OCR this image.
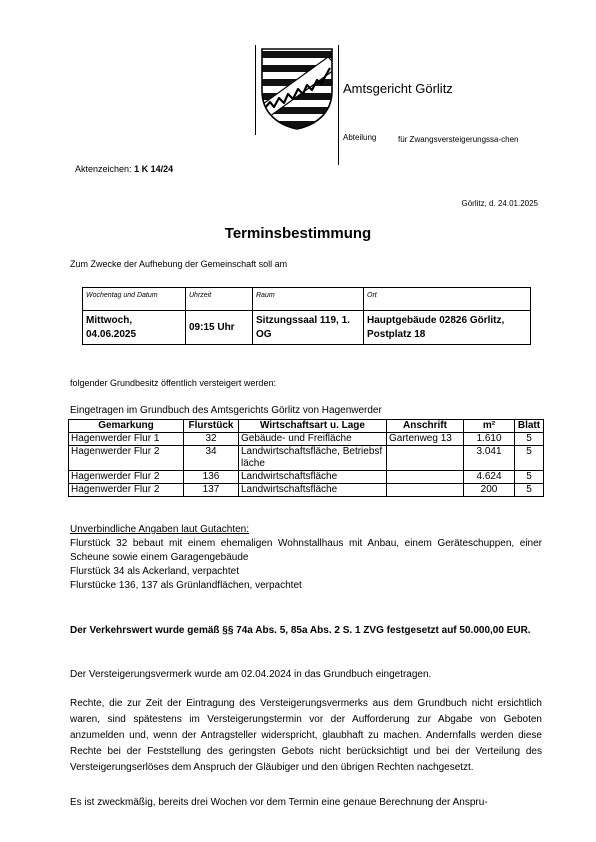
Amtsgericht Görlitz
Abteilung	für Zwangsversteigerungssa-chen
Aktenzeichen: 1 K 14/24
Görlitz, d. 24.01.2025
Terminsbestimmung
Zum Zwecke der Aufhebung der Gemeinschaft soll am
Wochentag und Datum	Uhrzeit	Raum	Ort
Mittwoch, 04.06.2025	09:15 Uhr	Sitzungssaal 119, 1. OG	Hauptgebäude 02826 Görlitz, Postplatz 18
folgender Grundbesitz öffentlich versteigert werden:
Eingetragen im Grundbuch des Amtsgerichts Görlitz von Hagenwerder
Gemarkung	Flurstück	Wirtschaftsart u. Lage	Anschrift	m²	Blatt
Hagenwerder Flur 1	32	Gebäude- und Freifläche	Gartenweg 13	1.610	5
Hagenwerder Flur 2	34	Landwirtschaftsfläche, Betriebsfläche		3.041	5
Hagenwerder Flur 2	136	Landwirtschaftsfläche		4.624	5
Hagenwerder Flur 2	137	Landwirtschaftsfläche		200	5
Unverbindliche Angaben laut Gutachten:
Flurstück 32 bebaut mit einem ehemaligen Wohnstallhaus mit Anbau, einem Geräteschuppen, einer Scheune sowie einem Garagengebäude
Flurstück 34 als Ackerland, verpachtet
Flurstücke 136, 137 als Grünlandflächen, verpachtet
Der Verkehrswert wurde gemäß §§ 74a Abs. 5, 85a Abs. 2 S. 1 ZVG festgesetzt auf 50.000,00 EUR.
Der Versteigerungsvermerk wurde am 02.04.2024 in das Grundbuch eingetragen.
Rechte, die zur Zeit der Eintragung des Versteigerungsvermerks aus dem Grundbuch nicht ersichtlich waren, sind spätestens im Versteigerungstermin vor der Aufforderung zur Abgabe von Geboten anzumelden und, wenn der Antragsteller widerspricht, glaubhaft zu machen. Andernfalls werden diese Rechte bei der Feststellung des geringsten Gebots nicht berücksichtigt und bei der Verteilung des Versteigerungserlöses dem Anspruch der Gläubiger und den übrigen Rechten nachgesetzt.
Es ist zweckmäßig, bereits drei Wochen vor dem Termin eine genaue Berechnung der Anspru-
